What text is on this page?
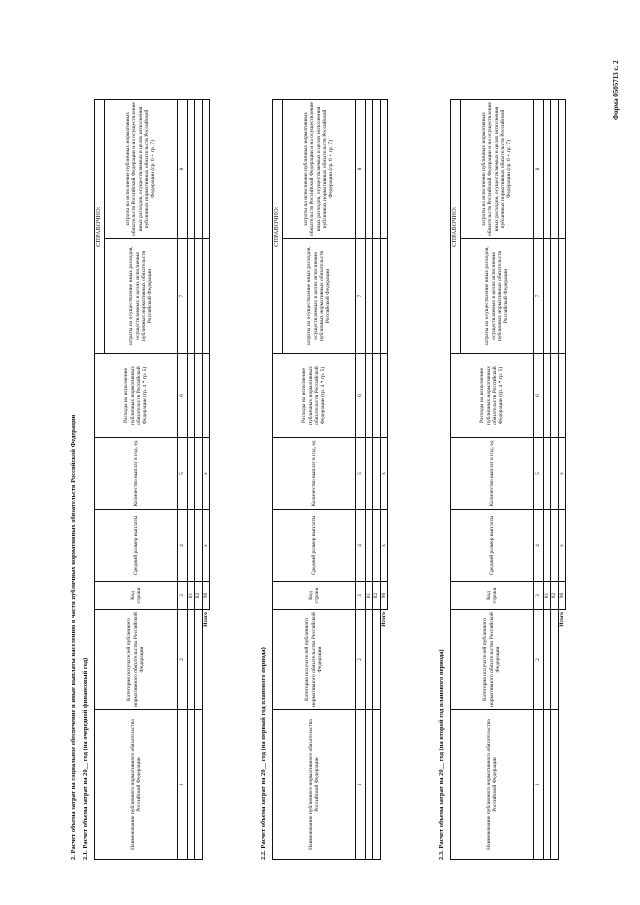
Форма 0505713 с. 2
2. Расчет объема затрат на социальное обеспечение и иные выплаты населению в части публичных нормативных обязательств Российской Федерации 2.1. Расчет объема затрат на 20__ год (на очередной финансовый год)	Наименование публичного нормативного обязательства Российской Федерации	Категория получателей публичного нормативного обязательства Российской Федерации	Код строки	Средний размер выплаты	Количество выплат в год, ед	Расходы на исполнение публичных нормативных обязательств Российской Федерации (гр. 4 * гр. 5)	СПРАВОЧНО:	
						затраты на осуществление иных расходов, осуществляемых в целях исполнения публичных нормативных обязательств Российской Федерации	затраты на исполнение публичных нормативных обязательств Российской Федерации и на осуществление иных расходов, осуществляемых в целях исполнения публичных нормативных обязательств Российской Федерации (гр. 6 + гр. 7)
1	2	3	4	5	6	7	8
		01					
		02					
	Итого	90	x	x			
2.2. Расчет объема затрат на 20__ год (на первый год планового периода)	Наименование публичного нормативного обязательства Российской Федерации	Категория получателей публичного нормативного обязательства Российской Федерации	Код строки	Средний размер выплаты	Количество выплат в год, ед	Расходы на исполнение публичных нормативных обязательств Российской Федерации (гр. 4 * гр. 5)	СПРАВОЧНО:	
						затраты на осуществление иных расходов, осуществляемых в целях исполнения публичных нормативных обязательств Российской Федерации	затраты на исполнение публичных нормативных обязательств Российской Федерации и на осуществление иных расходов, осуществляемых в целях исполнения публичных нормативных обязательств Российской Федерации (гр. 6 + гр. 7)
1	2	3	4	5	6	7	8
		01					
		02					
	Итого	90	x	x			
2.3. Расчет объема затрат на 20__ год (на второй год планового периода)	Наименование публичного нормативного обязательства Российской Федерации	Категория получателей публичного нормативного обязательства Российской Федерации	Код строки	Средний размер выплаты	Количество выплат в год, ед	Расходы на исполнение публичных нормативных обязательств Российской Федерации (гр. 4 * гр. 5)	СПРАВОЧНО:	
						затраты на осуществление иных расходов, осуществляемых в целях исполнения публичных нормативных обязательств Российской Федерации	затраты на исполнение публичных нормативных обязательств Российской Федерации и на осуществление иных расходов, осуществляемых в целях исполнения публичных нормативных обязательств Российской Федерации (гр. 6 + гр. 7)
1	2	3	4	5	6	7	8
		01					
		02					
	Итого	90	x	x			
